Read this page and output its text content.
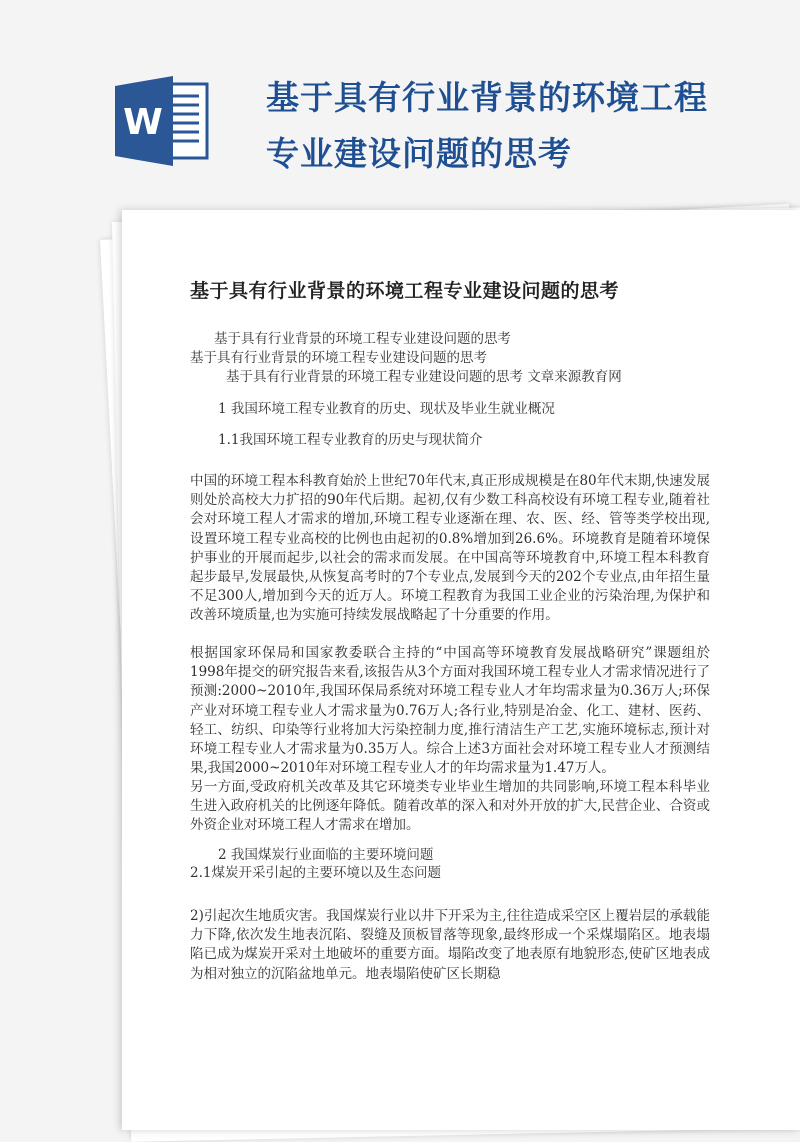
W
基于具有行业背景的环境工程
专业建设问题的思考
基于具有行业背景的环境工程专业建设问题的思考
基于具有行业背景的环境工程专业建设问题的思考
基于具有行业背景的环境工程专业建设问题的思考
基于具有行业背景的环境工程专业建设问题的思考 文章来源教育网
1 我国环境工程专业教育的历史、现状及毕业生就业概况
1.1我国环境工程专业教育的历史与现状简介

中国的环境工程本科教育始於上世纪70年代末,真正形成规模是在80年代末期,快速发展则处於高校大力扩招的90年代后期。起初,仅有少数工科高校设有环境工程专业,随着社会对环境工程人才需求的增加,环境工程专业逐渐在理、农、医、经、管等类学校出现,设置环境工程专业高校的比例也由起初的0.8%增加到26.6%。环境教育是随着环境保护事业的开展而起步,以社会的需求而发展。在中国高等环境教育中,环境工程本科教育起步最早,发展最快,从恢复高考时的7个专业点,发展到今天的202个专业点,由年招生量不足300人,增加到今天的近万人。环境工程教育为我国工业企业的污染治理,为保护和改善环境质量,也为实施可持续发展战略起了十分重要的作用。

根据国家环保局和国家教委联合主持的“中国高等环境教育发展战略研究”课题组於1998年提交的研究报告来看,该报告从3个方面对我国环境工程专业人才需求情况进行了预测:2000~2010年,我国环保局系统对环境工程专业人才年均需求量为0.36万人;环保产业对环境工程专业人才需求量为0.76万人;各行业,特别是冶金、化工、建材、医药、轻工、纺织、印染等行业将加大污染控制力度,推行清洁生产工艺,实施环境标志,预计对环境工程专业人才需求量为0.35万人。综合上述3方面社会对环境工程专业人才预测结果,我国2000~2010年对环境工程专业人才的年均需求量为1.47万人。

另一方面,受政府机关改革及其它环境类专业毕业生增加的共同影响,环境工程本科毕业生进入政府机关的比例逐年降低。随着改革的深入和对外开放的扩大,民营企业、合资或外资企业对环境工程人才需求在增加。

2 我国煤炭行业面临的主要环境问题
2.1煤炭开采引起的主要环境以及生态问题

2)引起次生地质灾害。我国煤炭行业以井下开采为主,往往造成采空区上覆岩层的承载能力下降,依次发生地表沉陷、裂缝及顶板冒落等现象,最终形成一个采煤塌陷区。地表塌陷已成为煤炭开采对土地破坏的重要方面。塌陷改变了地表原有地貌形态,使矿区地表成为相对独立的沉陷盆地单元。地表塌陷使矿区长期稳
